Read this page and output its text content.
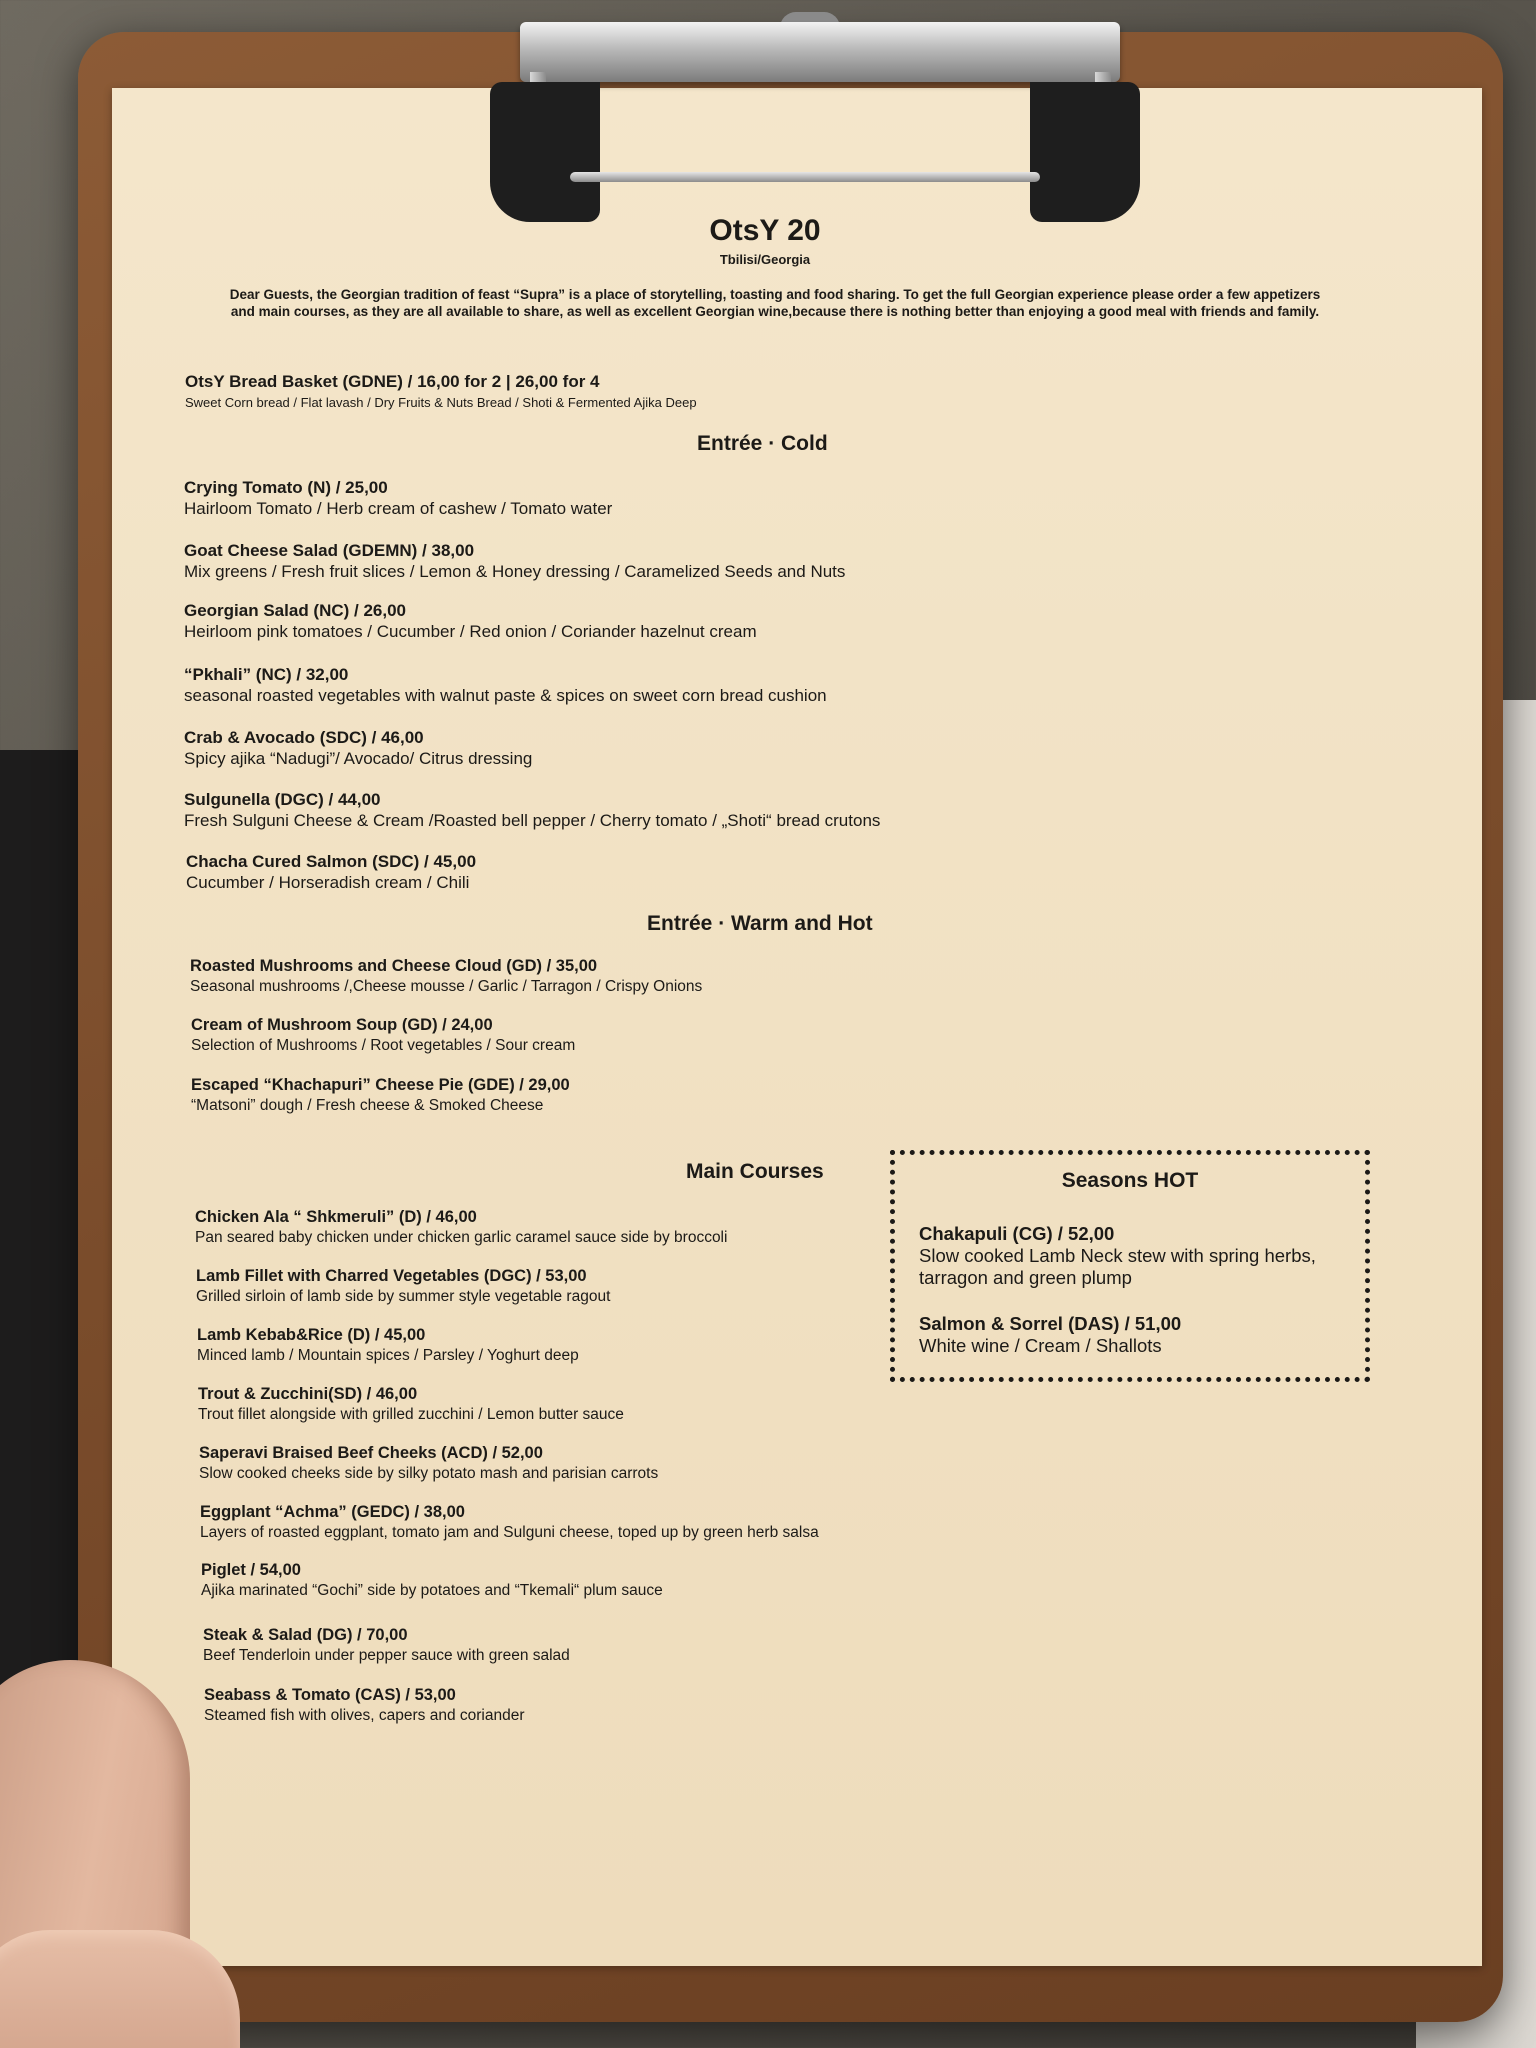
OtsY 20
Tbilisi/Georgia
Dear Guests, the Georgian tradition of feast “Supra” is a place of storytelling, toasting and food sharing. To get the full Georgian experience please order a few appetizers and main courses, as they are all available to share, as well as excellent Georgian wine,because there is nothing better than enjoying a good meal with friends and family.
OtsY Bread Basket (GDNE) / 16,00 for 2 | 26,00 for 4
Sweet Corn bread / Flat lavash / Dry Fruits & Nuts Bread / Shoti & Fermented Ajika Deep
Entrée · Cold
Crying Tomato (N) / 25,00
Hairloom Tomato / Herb cream of cashew / Tomato water
Goat Cheese Salad (GDEMN) / 38,00
Mix greens / Fresh fruit slices / Lemon & Honey dressing / Caramelized Seeds and Nuts
Georgian Salad (NC) / 26,00
Heirloom pink tomatoes / Cucumber / Red onion / Coriander hazelnut cream
“Pkhali” (NC) / 32,00
seasonal roasted vegetables with walnut paste & spices on sweet corn bread cushion
Crab & Avocado (SDC) / 46,00
Spicy ajika “Nadugi”/ Avocado/ Citrus dressing
Sulgunella (DGC) / 44,00
Fresh Sulguni Cheese & Cream /Roasted bell pepper / Cherry tomato / „Shoti“ bread crutons
Chacha Cured Salmon (SDC) / 45,00
Cucumber / Horseradish cream / Chili
Entrée · Warm and Hot
Roasted Mushrooms and Cheese Cloud (GD) / 35,00
Seasonal mushrooms /,Cheese mousse / Garlic / Tarragon / Crispy Onions
Cream of Mushroom Soup (GD) / 24,00
Selection of Mushrooms / Root vegetables / Sour cream
Escaped “Khachapuri” Cheese Pie (GDE) / 29,00
“Matsoni” dough / Fresh cheese & Smoked Cheese
Main Courses
Chicken Ala “ Shkmeruli” (D) / 46,00
Pan seared baby chicken under chicken garlic caramel sauce side by broccoli
Lamb Fillet with Charred Vegetables (DGC) / 53,00
Grilled sirloin of lamb side by summer style vegetable ragout
Lamb Kebab&Rice (D) / 45,00
Minced lamb / Mountain spices / Parsley / Yoghurt deep
Trout & Zucchini(SD) / 46,00
Trout fillet alongside with grilled zucchini / Lemon butter sauce
Saperavi Braised Beef Cheeks (ACD) / 52,00
Slow cooked cheeks side by silky potato mash and parisian carrots
Eggplant “Achma” (GEDC) / 38,00
Layers of roasted eggplant, tomato jam and Sulguni cheese, toped up by green herb salsa
Piglet / 54,00
Ajika marinated “Gochi” side by potatoes and “Tkemali“ plum sauce
Steak & Salad (DG) / 70,00
Beef Tenderloin under pepper sauce with green salad
Seabass & Tomato (CAS) / 53,00
Steamed fish with olives, capers and coriander
Seasons HOT
Chakapuli (CG) / 52,00
Slow cooked Lamb Neck stew with spring herbs, tarragon and green plump
Salmon & Sorrel (DAS) / 51,00
White wine / Cream / Shallots
